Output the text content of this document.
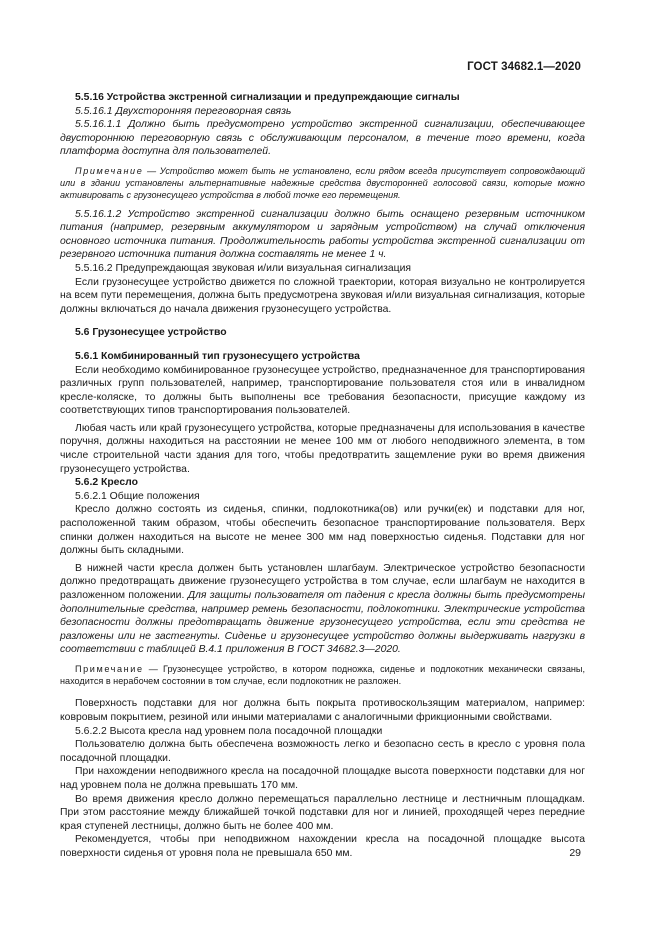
ГОСТ 34682.1—2020

5.5.16 Устройства экстренной сигнализации и предупреждающие сигналы

5.5.16.1 Двухсторонняя переговорная связь

5.5.16.1.1 Должно быть предусмотрено устройство экстренной сигнализации, обеспечивающее двустороннюю переговорную связь с обслуживающим персоналом, в течение того времени, когда платформа доступна для пользователей.

Примечание — Устройство может быть не установлено, если рядом всегда присутствует сопровождающий или в здании установлены альтернативные надежные средства двусторонней голосовой связи, которые можно активировать с грузонесущего устройства в любой точке его перемещения.

5.5.16.1.2 Устройство экстренной сигнализации должно быть оснащено резервным источником питания (например, резервным аккумулятором и зарядным устройством) на случай отключения основного источника питания. Продолжительность работы устройства экстренной сигнализации от резервного источника питания должна составлять не менее 1 ч.

5.5.16.2 Предупреждающая звуковая и/или визуальная сигнализация

Если грузонесущее устройство движется по сложной траектории, которая визуально не контролируется на всем пути перемещения, должна быть предусмотрена звуковая и/или визуальная сигнализация, которые должны включаться до начала движения грузонесущего устройства.

5.6 Грузонесущее устройство

5.6.1 Комбинированный тип грузонесущего устройства

Если необходимо комбинированное грузонесущее устройство, предназначенное для транспортирования различных групп пользователей, например, транспортирование пользователя стоя или в инвалидном кресле-коляске, то должны быть выполнены все требования безопасности, присущие каждому из соответствующих типов транспортирования пользователей.

Любая часть или край грузонесущего устройства, которые предназначены для использования в качестве поручня, должны находиться на расстоянии не менее 100 мм от любого неподвижного элемента, в том числе строительной части здания для того, чтобы предотвратить защемление руки во время движения грузонесущего устройства.

5.6.2 Кресло

5.6.2.1 Общие положения

Кресло должно состоять из сиденья, спинки, подлокотника(ов) или ручки(ек) и подставки для ног, расположенной таким образом, чтобы обеспечить безопасное транспортирование пользователя. Верх спинки должен находиться на высоте не менее 300 мм над поверхностью сиденья. Подставки для ног должны быть складными.

В нижней части кресла должен быть установлен шлагбаум. Электрическое устройство безопасности должно предотвращать движение грузонесущего устройства в том случае, если шлагбаум не находится в разложенном положении. Для защиты пользователя от падения с кресла должны быть предусмотрены дополнительные средства, например ремень безопасности, подлокотники. Электрические устройства безопасности должны предотвращать движение грузонесущего устройства, если эти средства не разложены или не застегнуты. Сиденье и грузонесущее устройство должны выдерживать нагрузки в соответствии с таблицей В.4.1 приложения В ГОСТ 34682.3—2020.

Примечание — Грузонесущее устройство, в котором подножка, сиденье и подлокотник механически связаны, находится в нерабочем состоянии в том случае, если подлокотник не разложен.

Поверхность подставки для ног должна быть покрыта противоскользящим материалом, например: ковровым покрытием, резиной или иными материалами с аналогичными фрикционными свойствами.

5.6.2.2 Высота кресла над уровнем пола посадочной площадки

Пользователю должна быть обеспечена возможность легко и безопасно сесть в кресло с уровня пола посадочной площадки.

При нахождении неподвижного кресла на посадочной площадке высота поверхности подставки для ног над уровнем пола не должна превышать 170 мм.

Во время движения кресло должно перемещаться параллельно лестнице и лестничным площадкам. При этом расстояние между ближайшей точкой подставки для ног и линией, проходящей через передние края ступеней лестницы, должно быть не более 400 мм.

Рекомендуется, чтобы при неподвижном нахождении кресла на посадочной площадке высота поверхности сиденья от уровня пола не превышала 650 мм.	29
